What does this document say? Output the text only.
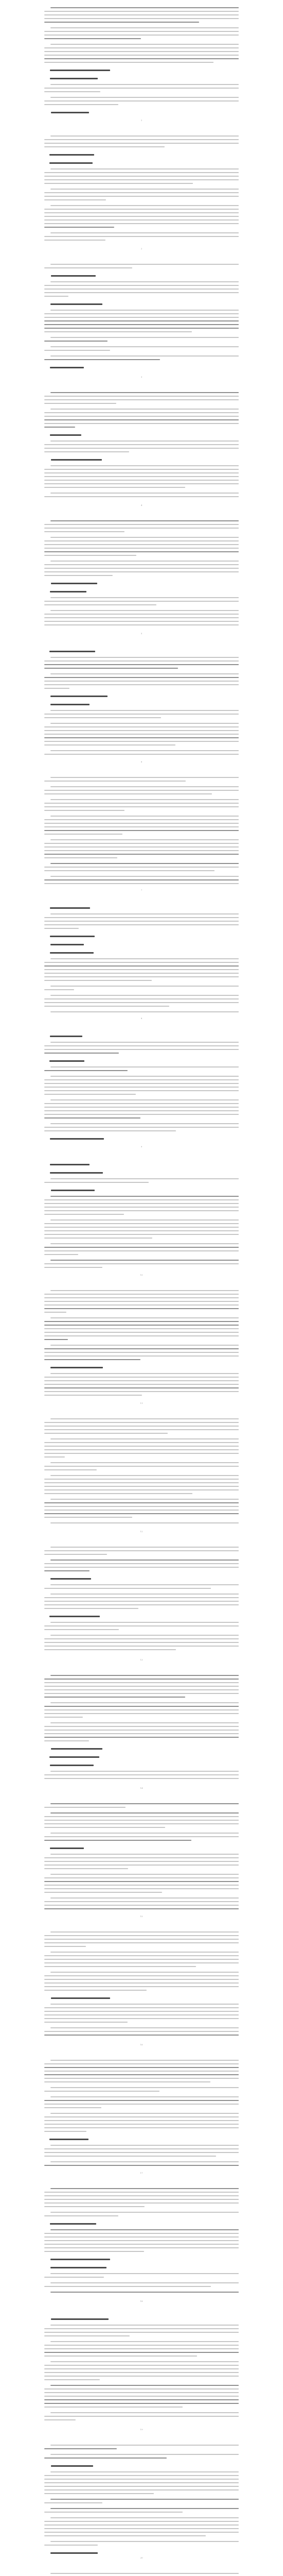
1
2
3
4
5
6
7
8
9
10
11
12
13
14
15
16
17
18
19
20
